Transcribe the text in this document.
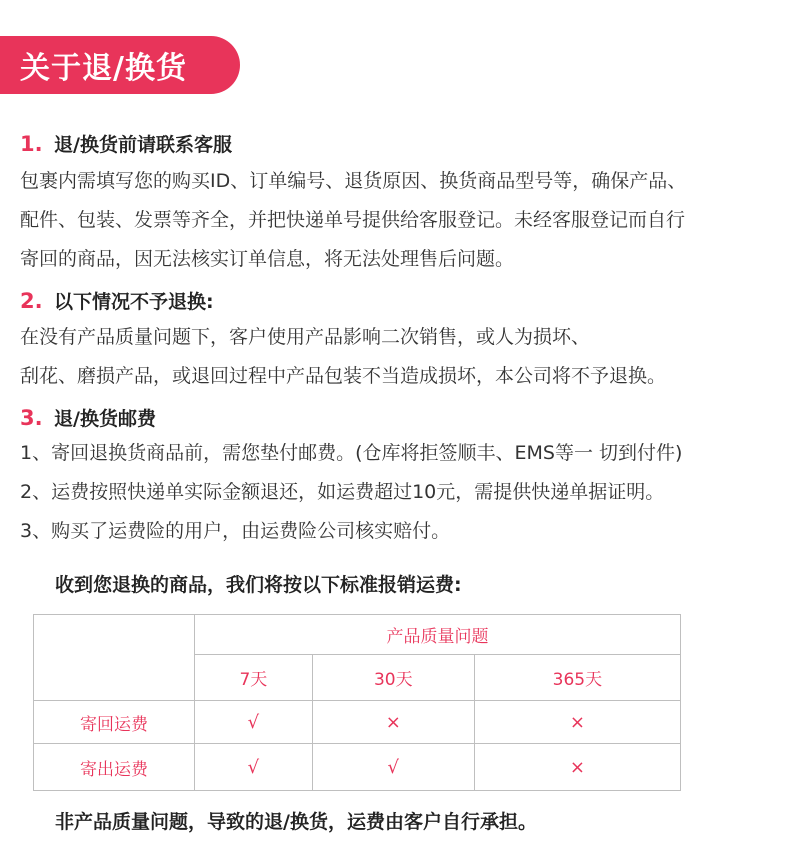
关于退/换货
1. 退/换货前请联系客服
包裹内需填写您的购买ID、订单编号、退货原因、换货商品型号等，确保产品、
配件、包装、发票等齐全，并把快递单号提供给客服登记。未经客服登记而自行
寄回的商品，因无法核实订单信息，将无法处理售后问题。
2. 以下情况不予退换:
在没有产品质量问题下，客户使用产品影响二次销售，或人为损坏、
刮花、磨损产品，或退回过程中产品包装不当造成损坏，本公司将不予退换。
3. 退/换货邮费
1、寄回退换货商品前，需您垫付邮费。(仓库将拒签顺丰、EMS等一 切到付件)
2、运费按照快递单实际金额退还，如运费超过10元，需提供快递单据证明。
3、购买了运费险的用户，由运费险公司核实赔付。
收到您退换的商品，我们将按以下标准报销运费:
	产品质量问题		
	7天	30天	365天
寄回运费	√	×	×
寄出运费	√	√	×
非产品质量问题，导致的退/换货，运费由客户自行承担。
